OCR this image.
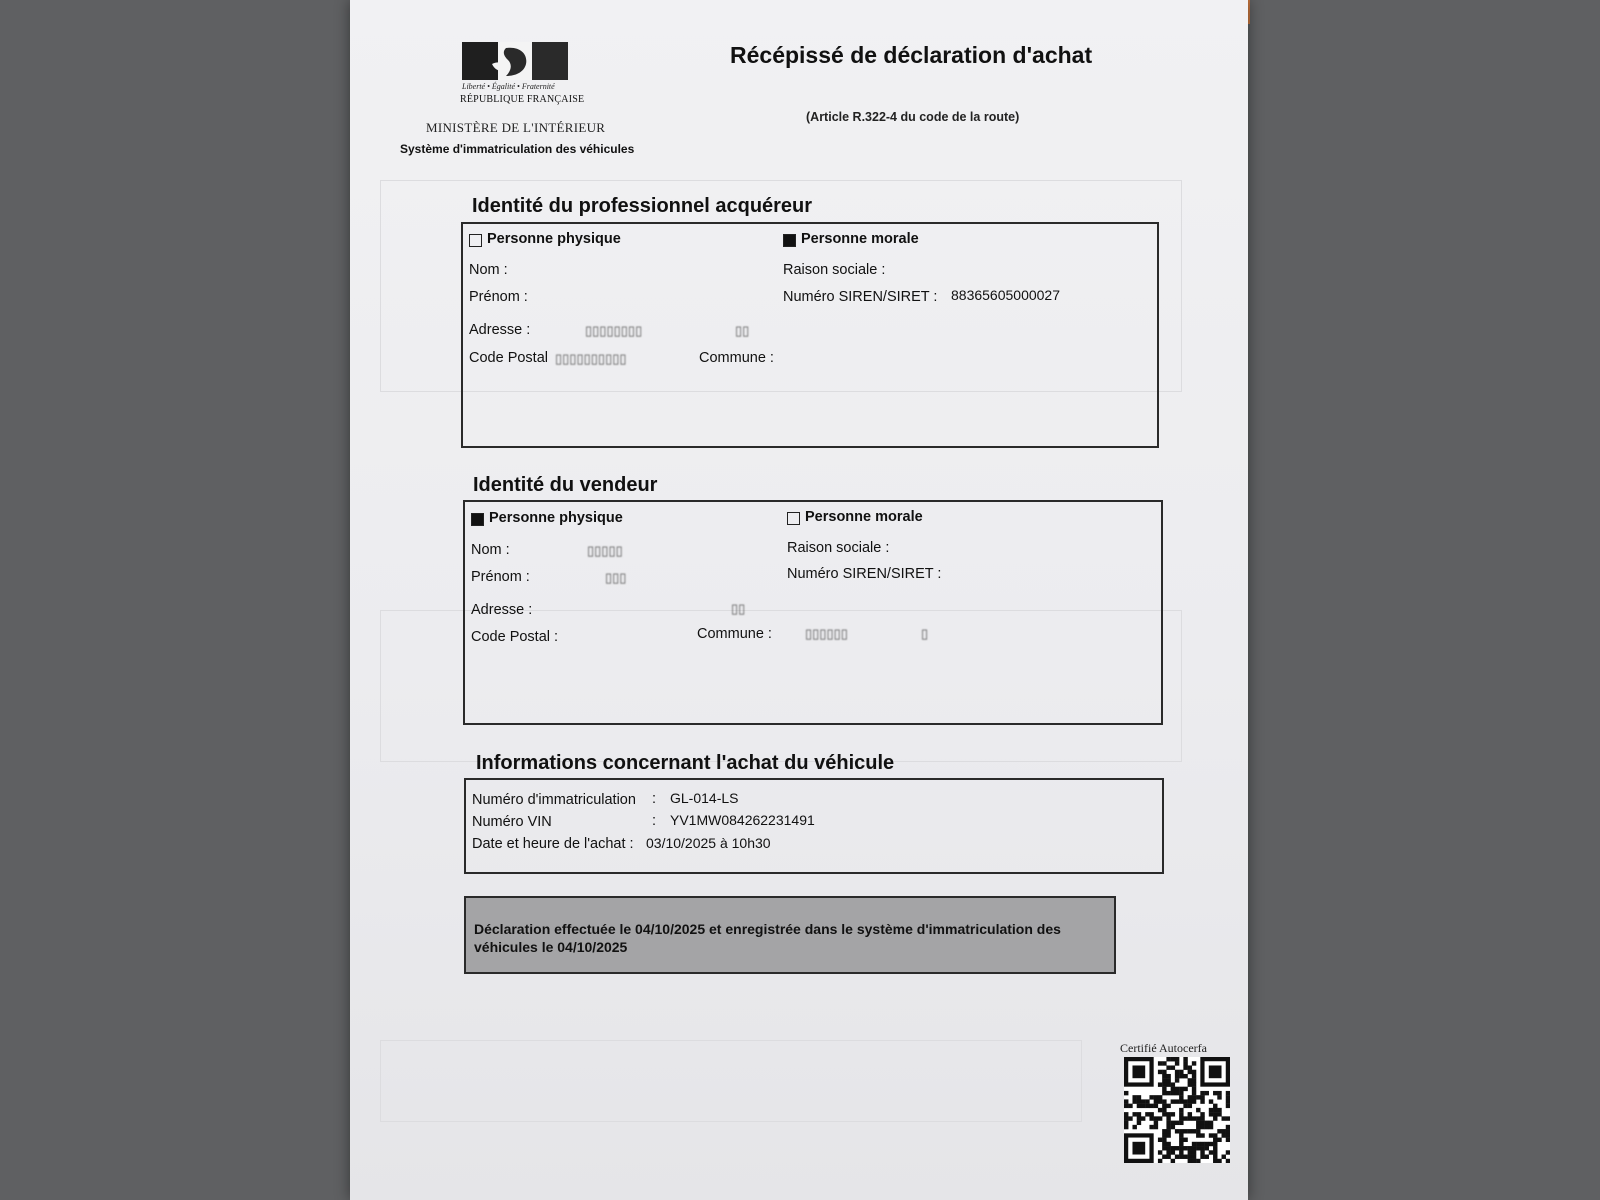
Liberté • Égalité • Fraternité
RÉPUBLIQUE FRANÇAISE
MINISTÈRE DE L'INTÉRIEUR
Système d'immatriculation des véhicules
Récépissé de déclaration d'achat
(Article R.322-4 du code de la route)
Identité du professionnel acquéreur
Personne physique	Personne morale
Nom :
Prénom :
Adresse :	▯▯▯▯▯▯▯▯	▯▯
Code Postal ▯▯▯▯▯▯▯▯▯▯	Commune :
Raison sociale :
Numéro SIREN/SIRET : 88365605000027
Identité du vendeur
Personne physique	Personne morale
Nom :	▯▯▯▯▯
Prénom :	▯▯▯
Adresse :	▯▯
Code Postal :	Commune :	▯▯▯▯▯▯	▯
Raison sociale :
Numéro SIREN/SIRET :
Informations concernant l'achat du véhicule
Numéro d'immatriculation : GL-014-LS
Numéro VIN	: YV1MW084262231491
Date et heure de l'achat : 03/10/2025 à 10h30
Déclaration effectuée le 04/10/2025 et enregistrée dans le système d'immatriculation des véhicules le 04/10/2025
Certifié Autocerfa
